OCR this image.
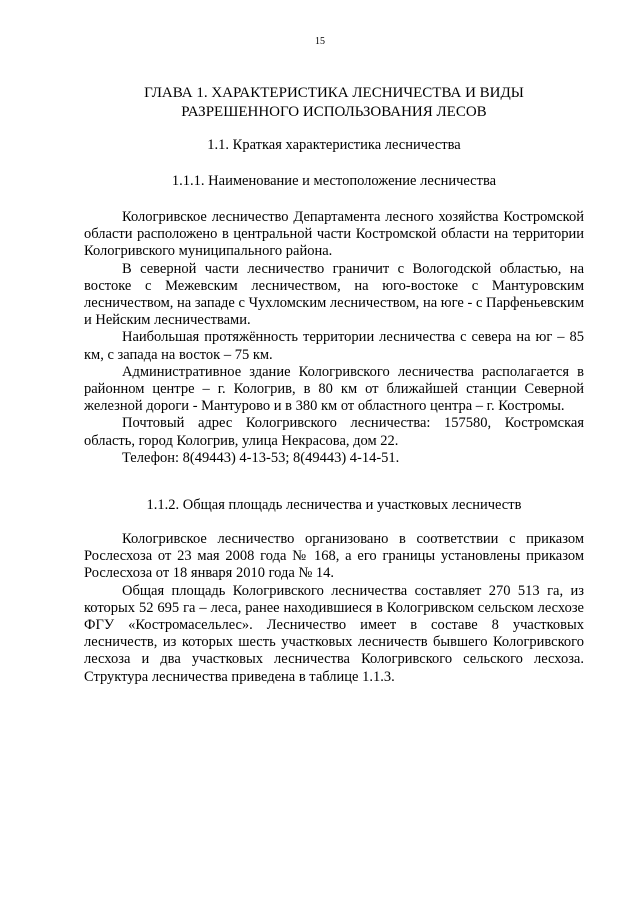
15
ГЛАВА 1. ХАРАКТЕРИСТИКА ЛЕСНИЧЕСТВА И ВИДЫ
РАЗРЕШЕННОГО ИСПОЛЬЗОВАНИЯ ЛЕСОВ
1.1. Краткая характеристика лесничества
1.1.1. Наименование и местоположение лесничества

Кологривское лесничество Департамента лесного хозяйства Костромской области расположено в центральной части Костромской области на территории Кологривского муниципального района.

В северной части лесничество граничит с Вологодской областью, на востоке с Межевским лесничеством, на юго-востоке с Мантуровским лесничеством, на западе с Чухломским лесничеством, на юге - с Парфеньевским и Нейским лесничествами.

Наибольшая протяжённость территории лесничества с севера на юг – 85 км, с запада на восток – 75 км.

Административное здание Кологривского лесничества располагается в районном центре – г. Кологрив, в 80 км от ближайшей станции Северной железной дороги - Мантурово и в 380 км от областного центра – г. Костромы.

Почтовый адрес Кологривского лесничества: 157580, Костромская область, город Кологрив, улица Некрасова, дом 22.

Телефон: 8(49443) 4-13-53; 8(49443) 4-14-51.

1.1.2. Общая площадь лесничества и участковых лесничеств

Кологривское лесничество организовано в соответствии с приказом Рослесхоза от 23 мая 2008 года № 168, а его границы установлены приказом Рослесхоза от 18 января 2010 года № 14.

Общая площадь Кологривского лесничества составляет 270 513 га, из которых 52 695 га – леса, ранее находившиеся в Кологривском сельском лесхозе ФГУ «Костромасельлес». Лесничество имеет в составе 8 участковых лесничеств, из которых шесть участковых лесничеств бывшего Кологривского лесхоза и два участковых лесничества Кологривского сельского лесхоза. Структура лесничества приведена в таблице 1.1.3.
